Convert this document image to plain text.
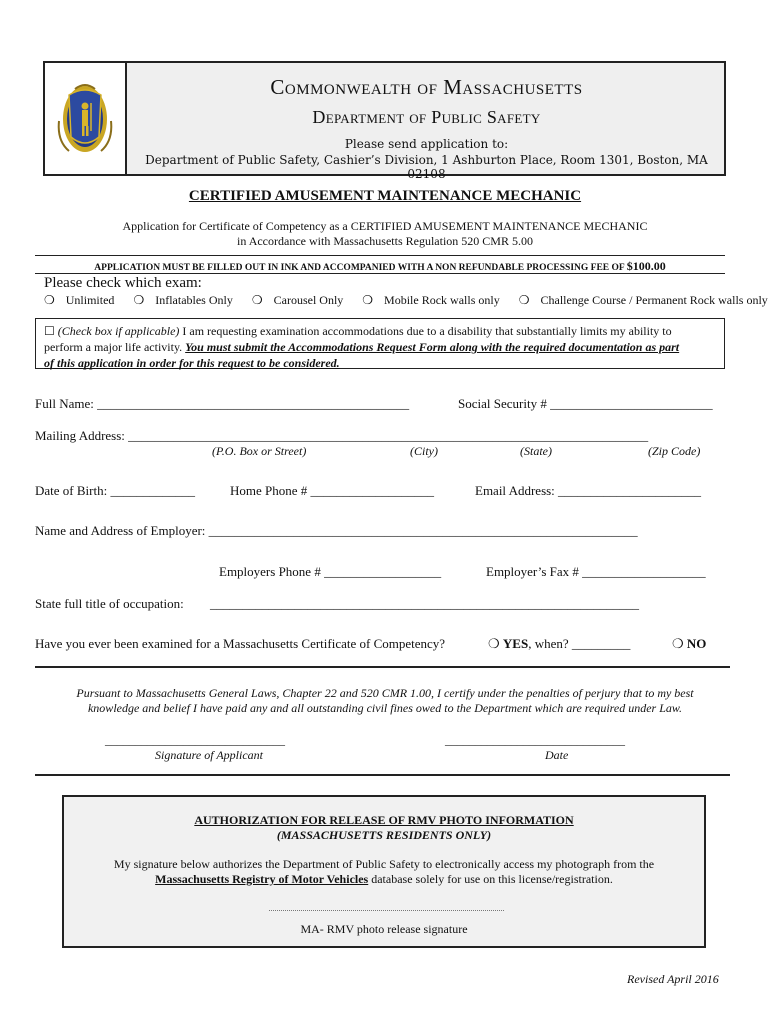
Commonwealth of Massachusetts
Department of Public Safety
Please send application to:
Department of Public Safety, Cashier’s Division, 1 Ashburton Place, Room 1301, Boston, MA 02108
CERTIFIED AMUSEMENT MAINTENANCE MECHANIC
Application for Certificate of Competency as a CERTIFIED AMUSEMENT MAINTENANCE MECHANIC
in Accordance with Massachusetts Regulation 520 CMR 5.00
APPLICATION MUST BE FILLED OUT IN INK AND ACCOMPANIED WITH A NON REFUNDABLE PROCESSING FEE OF $100.00
Please check which exam:
❍ Unlimited ❍ Inflatables Only ❍ Carousel Only ❍ Mobile Rock walls only ❍ Challenge Course / Permanent Rock walls only
☐ (Check box if applicable) I am requesting examination accommodations due to a disability that substantially limits my ability to
perform a major life activity. You must submit the Accommodations Request Form along with the required documentation as part
of this application in order for this request to be considered.
Full Name: ________________________________________________	Social Security # _________________________
Mailing Address: ________________________________________________________________________________
(P.O. Box or Street)	(City)	(State)	(Zip Code)
Date of Birth: _____________	Home Phone # ___________________	Email Address: ______________________
Name and Address of Employer: __________________________________________________________________
Employers Phone # __________________	Employer’s Fax # ___________________
State full title of occupation: __________________________________________________________________
Have you ever been examined for a Massachusetts Certificate of Competency?	❍ YES, when? _________	❍ NO
Pursuant to Massachusetts General Laws, Chapter 22 and 520 CMR 1.00, I certify under the penalties of perjury that to my best
knowledge and belief I have paid any and all outstanding civil fines owed to the Department which are required under Law.
______________________________	______________________________
Signature of Applicant	Date
AUTHORIZATION FOR RELEASE OF RMV PHOTO INFORMATION
(MASSACHUSETTS RESIDENTS ONLY)
My signature below authorizes the Department of Public Safety to electronically access my photograph from the
Massachusetts Registry of Motor Vehicles database solely for use on this license/registration.
MA- RMV photo release signature
Revised April 2016
